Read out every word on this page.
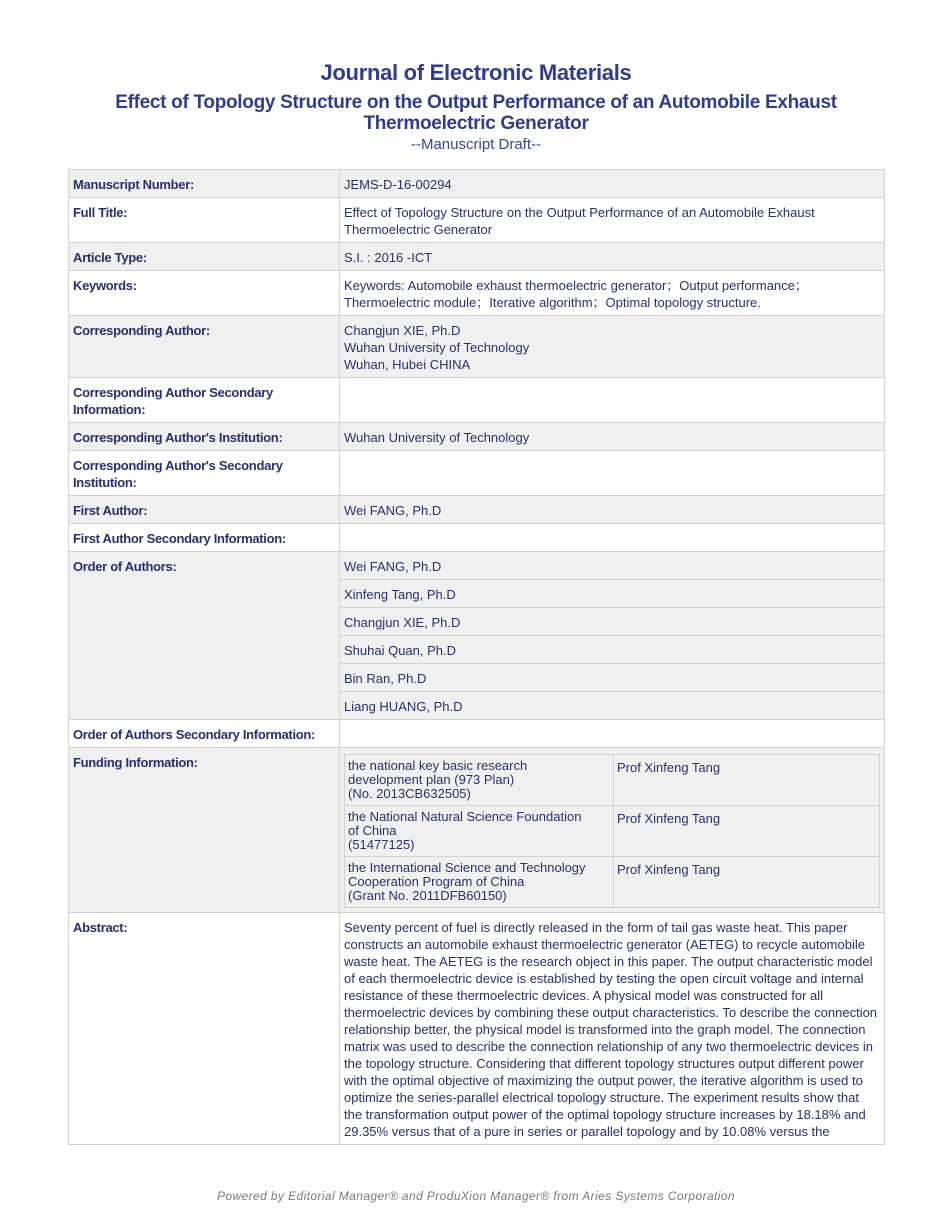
Journal of Electronic Materials
Effect of Topology Structure on the Output Performance of an Automobile Exhaust
Thermoelectric Generator
--Manuscript Draft--
Manuscript Number:	JEMS-D-16-00294
Full Title:	Effect of Topology Structure on the Output Performance of an Automobile Exhaust Thermoelectric Generator
Article Type:	S.I. : 2016 -ICT
Keywords:	Keywords: Automobile exhaust thermoelectric generator；Output performance；Thermoelectric module；Iterative algorithm；Optimal topology structure.
Corresponding Author:	Changjun XIE, Ph.D
Wuhan University of Technology
Wuhan, Hubei CHINA

Corresponding Author Secondary Information:	
Corresponding Author's Institution:	Wuhan University of Technology
Corresponding Author's Secondary Institution:	
First Author:	Wei FANG, Ph.D
First Author Secondary Information:	
Order of Authors:	Wei FANG, Ph.D
Xinfeng Tang, Ph.D
Changjun XIE, Ph.D
Shuhai Quan, Ph.D
Bin Ran, Ph.D
Liang HUANG, Ph.D
Order of Authors Secondary Information:	
Funding Information:		the national key basic research
development plan (973 Plan)
(No. 2013CB632505)
	Prof Xinfeng Tang

the National Natural Science Foundation
of China
(51477125)
	Prof Xinfeng Tang

the International Science and Technology
Cooperation Program of China
(Grant No. 2011DFB60150)
	Prof Xinfeng Tang

Abstract:	Seventy percent of fuel is directly released in the form of tail gas waste heat. This paper constructs an automobile exhaust thermoelectric generator (AETEG) to recycle automobile waste heat. The AETEG is the research object in this paper. The output characteristic model of each thermoelectric device is established by testing the open circuit voltage and internal resistance of these thermoelectric devices. A physical model was constructed for all thermoelectric devices by combining these output characteristics. To describe the connection relationship better, the physical model is transformed into the graph model. The connection matrix was used to describe the connection relationship of any two thermoelectric devices in the topology structure. Considering that different topology structures output different power with the optimal objective of maximizing the output power, the iterative algorithm is used to optimize the series-parallel electrical topology structure. The experiment results show that the transformation output power of the optimal topology structure increases by 18.18% and 29.35% versus that of a pure in series or parallel topology and by 10.08% versus the
Powered by Editorial Manager® and ProduXion Manager® from Aries Systems Corporation
